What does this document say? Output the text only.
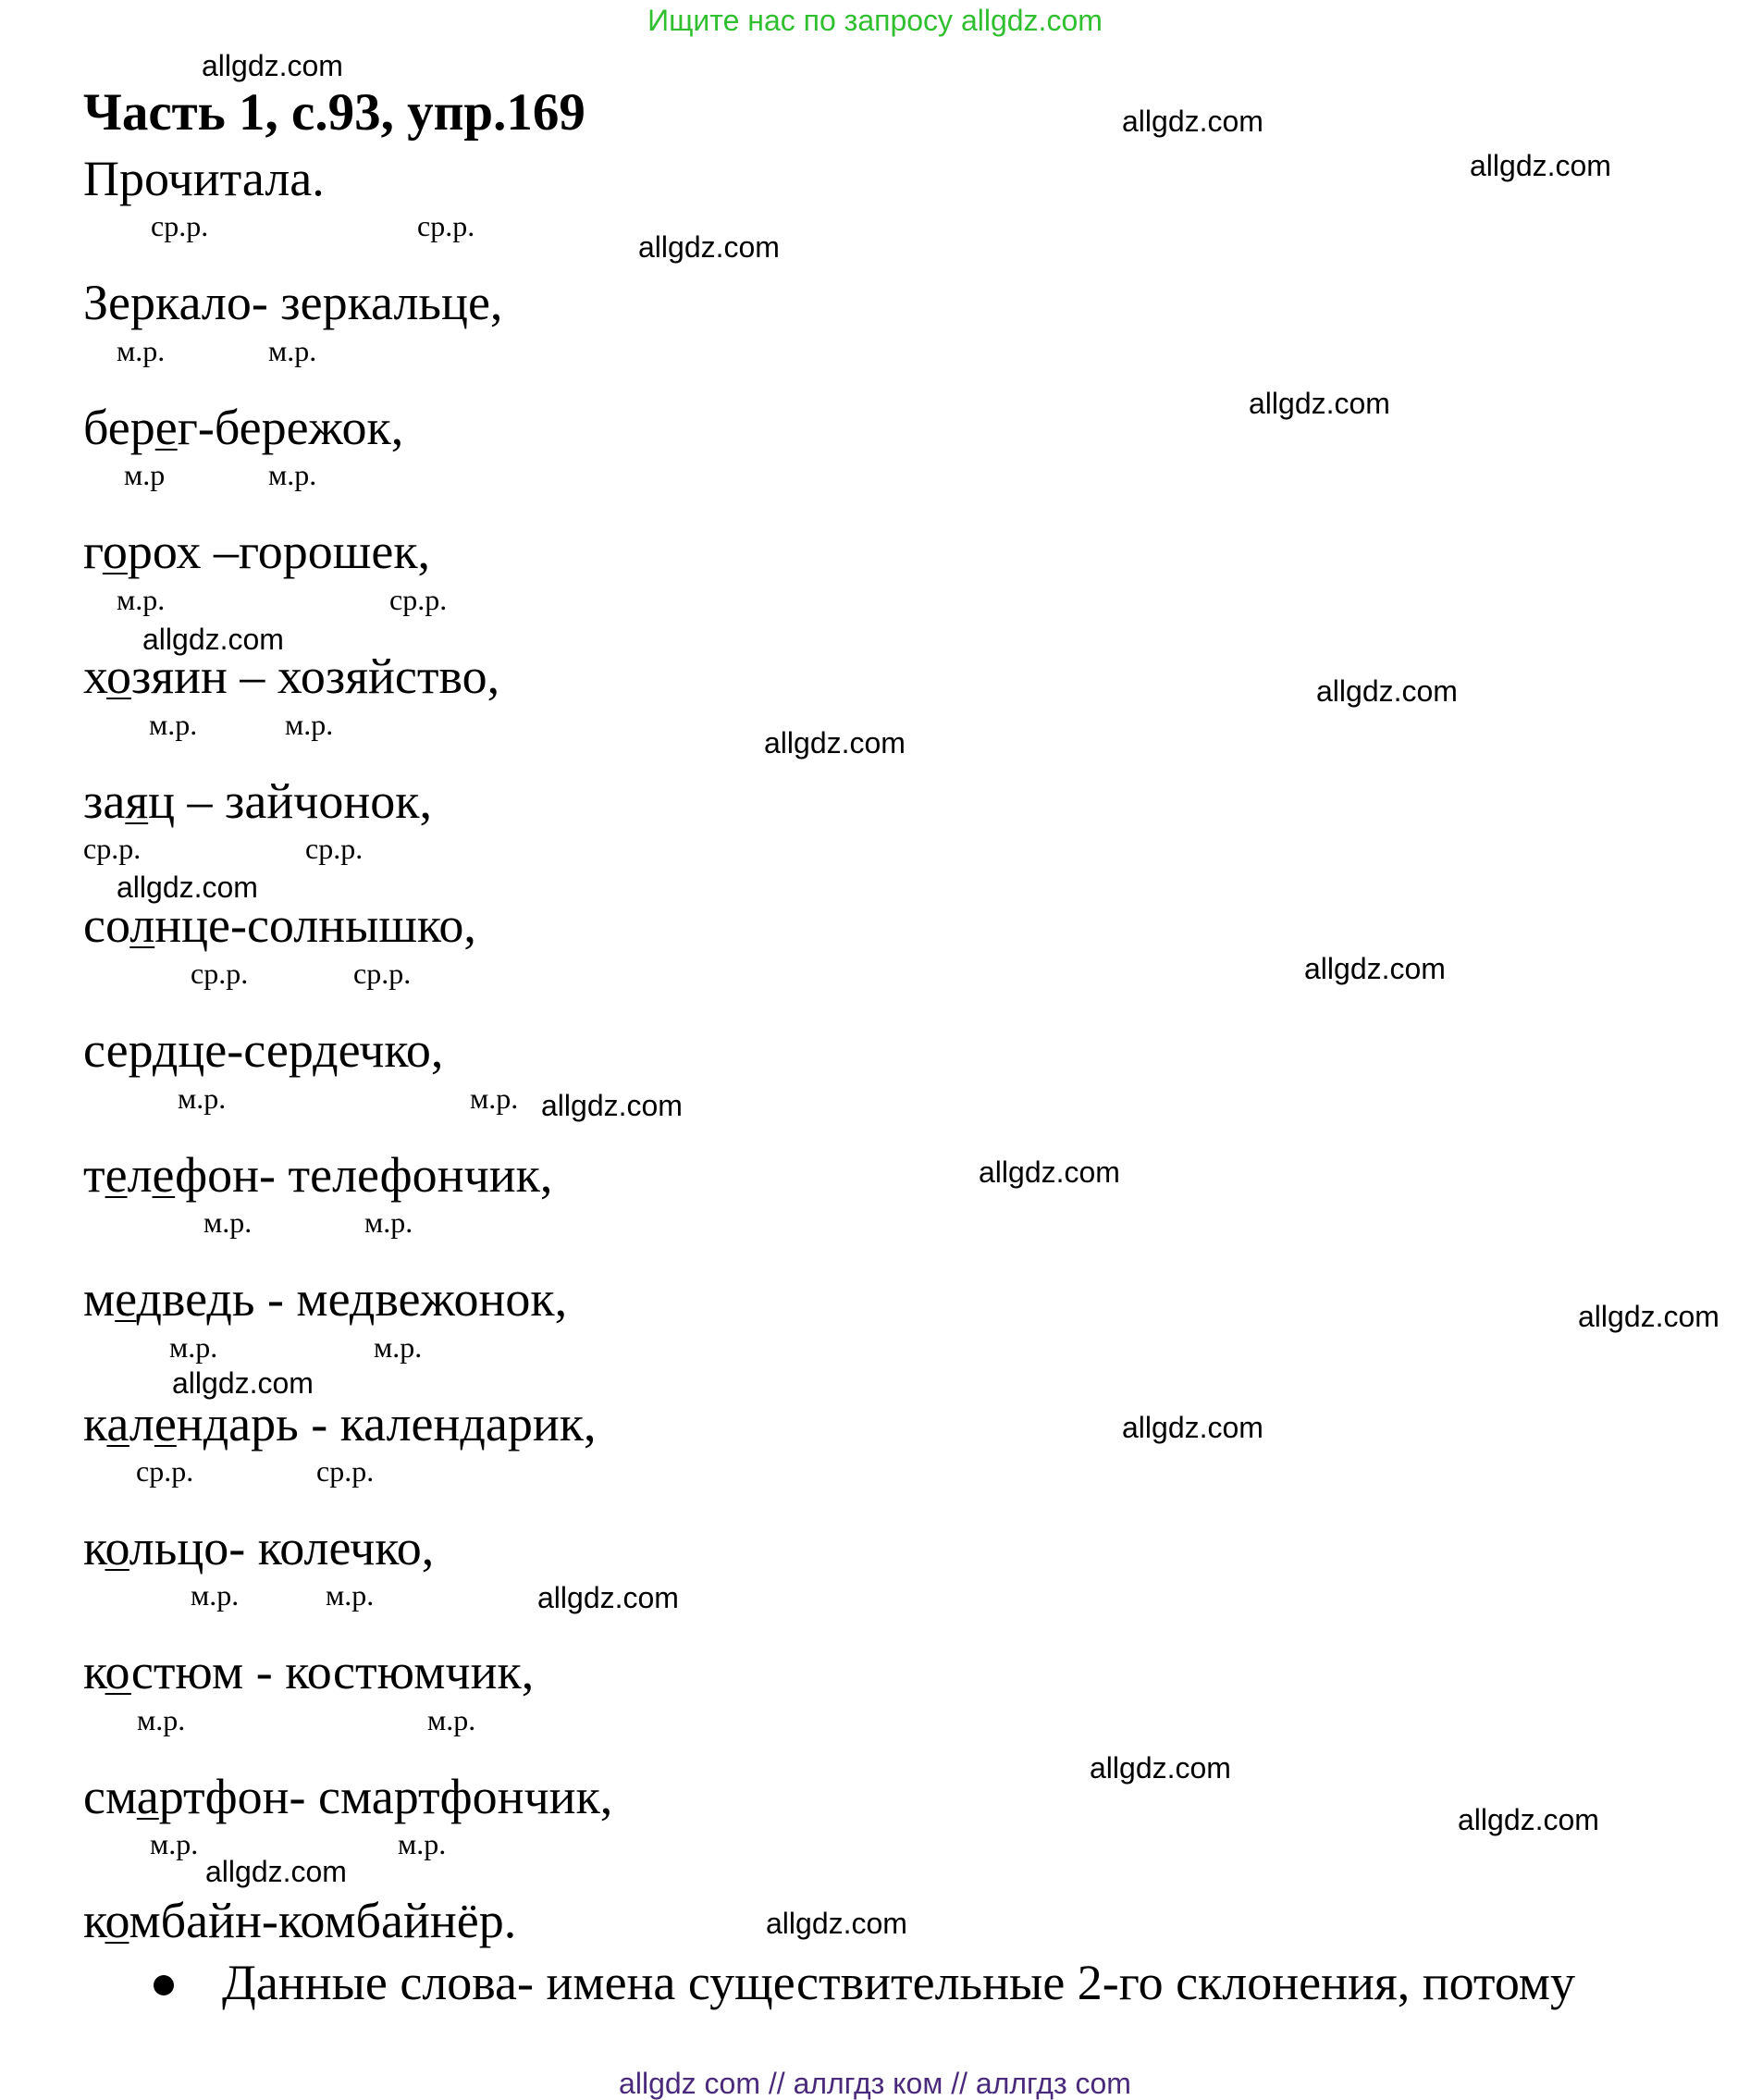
Ищите нас по запросу allgdz.com
allgdz.com
allgdz.com
allgdz.com
allgdz.com
allgdz.com
allgdz.com
allgdz.com
allgdz.com
allgdz.com
allgdz.com
allgdz.com
allgdz.com
allgdz.com
allgdz.com
allgdz.com
allgdz.com
allgdz.com
allgdz.com
allgdz.com
allgdz.com
Часть 1, с.93, упр.169
Прочитала.
ср.р.	ср.р.
Зеркало- зеркальце,
м.р.	м.р.
берег-бережок,
м.р	м.р.
горох –горошек,
м.р.	ср.р.
хозяин – хозяйство,
м.р.	м.р.
заяц – зайчонок,
ср.р.	ср.р.
солнце-солнышко,
ср.р.	ср.р.
сердце-сердечко,
м.р.	м.р.
телефон- телефончик,
м.р.	м.р.
медведь - медвежонок,
м.р.	м.р.
календарь - календарик,
ср.р.	ср.р.
кольцо- колечко,
м.р.	м.р.
костюм - костюмчик,
м.р.	м.р.
смартфон- смартфончик,
м.р.	м.р.
комбайн-комбайнёр.
Данные слова- имена существительные 2-го склонения, потому
allgdz com // аллгдз ком // аллгдз com
